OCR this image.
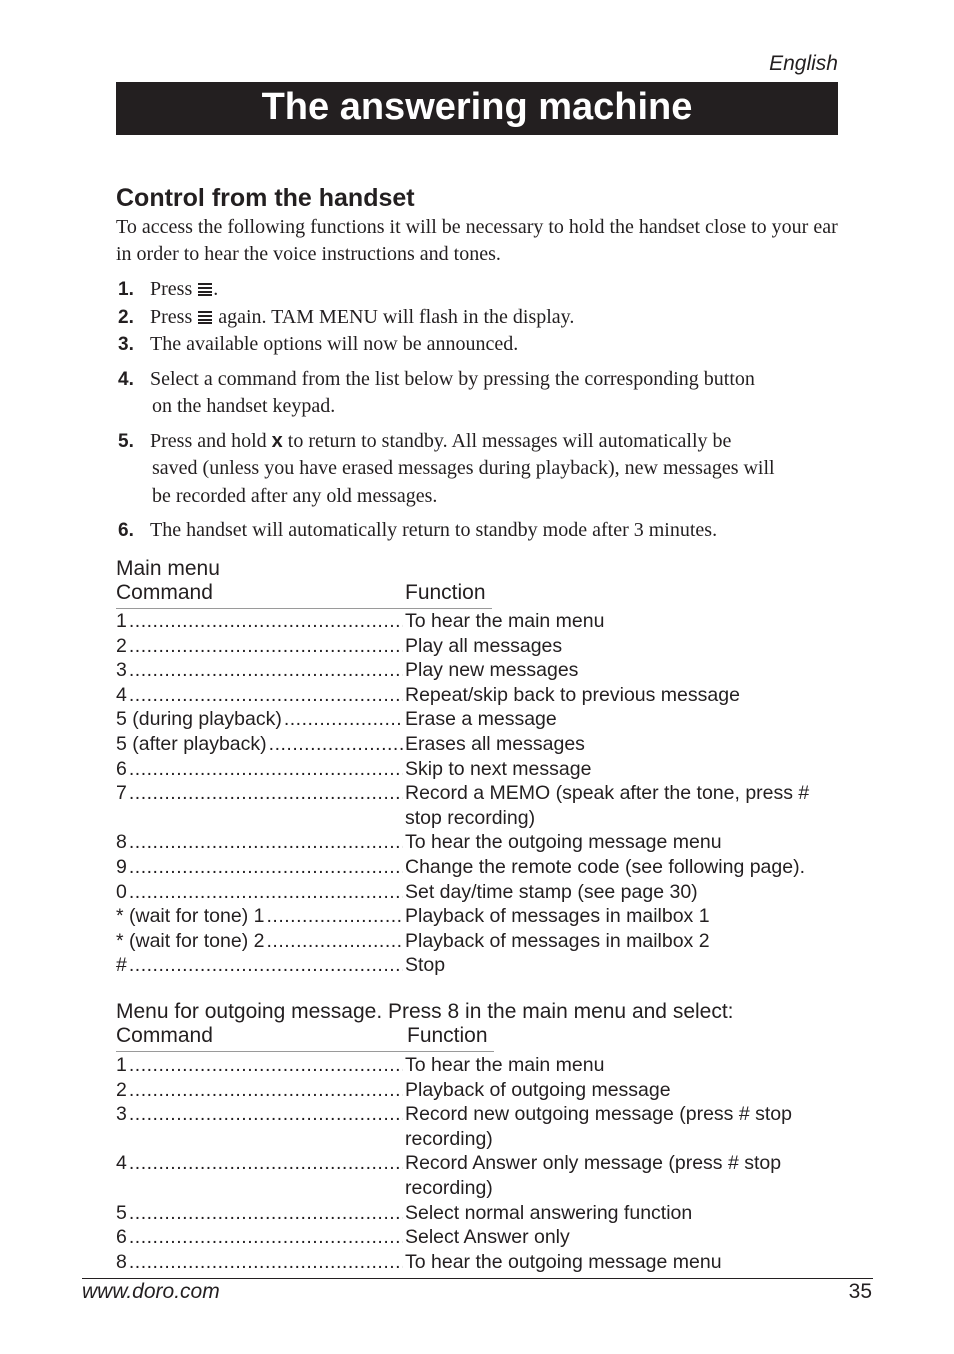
English
The answering machine
Control from the handset

To access the following functions it will be necessary to hold the handset close to your ear in order to hear the voice instructions and tones.

1. Press
.
2. Press
again. TAM MENU will flash in the display.
3. The available options will now be announced.
4. Select a command from the list below by pressing the corresponding button
on the handset keypad.
5. Press and hold x to return to standby. All messages will automatically be
saved (unless you have erased messages during playback), new messages will
be recorded after any old messages.
6. The handset will automatically return to standby mode after 3 minutes.
Main menu
Command	Function
1 .....	To hear the main menu
2 .....	Play all messages
3 .....	Play new messages
4 .....	Repeat/skip back to previous message
5 (during playback) .....	Erase a message
5 (after playback) .....	Erases all messages
6 .....	Skip to next message
7 .....	Record a MEMO (speak after the tone, press #
stop recording)
8 .....	To hear the outgoing message menu
9 .....	Change the remote code (see following page).
0 .....	Set day/time stamp (see page 30)
* (wait for tone) 1 .....	Playback of messages in mailbox 1
* (wait for tone) 2 .....	Playback of messages in mailbox 2
# .....	Stop
Menu for outgoing message. Press 8 in the main menu and select:
Command	Function
1 .....	To hear the main menu
2 .....	Playback of outgoing message
3 .....	Record new outgoing message (press # stop
recording)
4 .....	Record Answer only message (press # stop
recording)
5 .....	Select normal answering function
6 .....	Select Answer only
8 .....	To hear the outgoing message menu
www.doro.com	35
